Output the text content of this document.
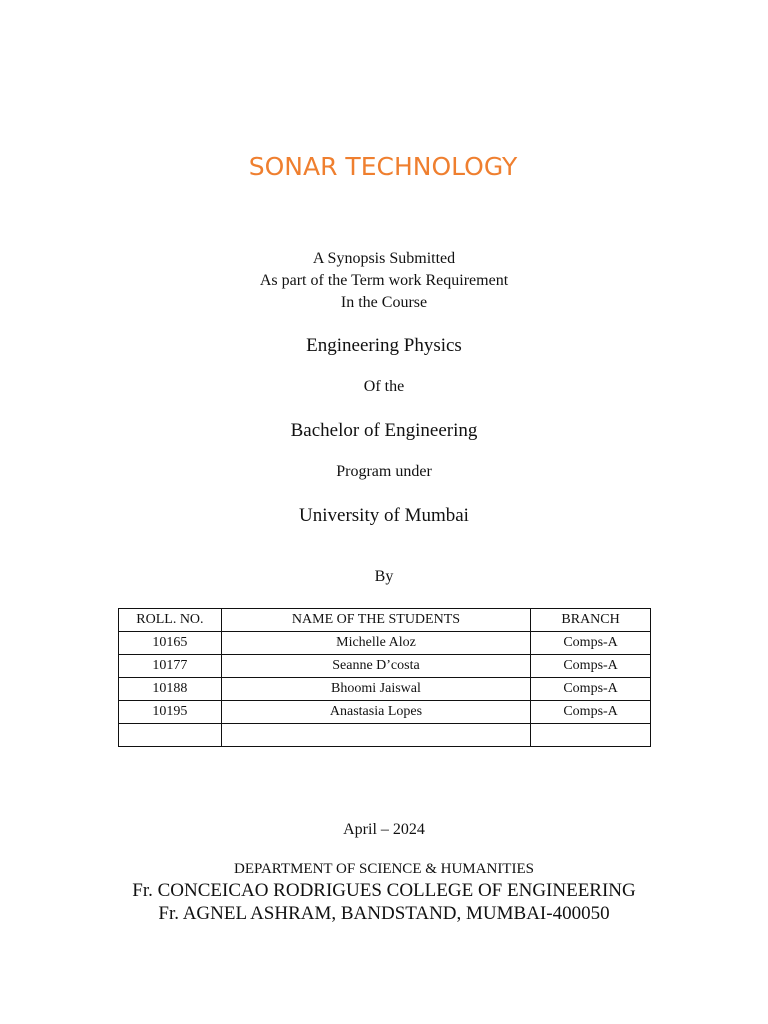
SONAR TECHNOLOGY
A Synopsis Submitted
As part of the Term work Requirement
In the Course
Engineering Physics
Of the
Bachelor of Engineering
Program under
University of Mumbai
By
ROLL. NO.	NAME OF THE STUDENTS	BRANCH
10165	Michelle Aloz	Comps-A
10177	Seanne D’costa	Comps-A
10188	Bhoomi Jaiswal	Comps-A
10195	Anastasia Lopes	Comps-A

April – 2024
DEPARTMENT OF SCIENCE & HUMANITIES
Fr. CONCEICAO RODRIGUES COLLEGE OF ENGINEERING
Fr. AGNEL ASHRAM, BANDSTAND, MUMBAI-400050
